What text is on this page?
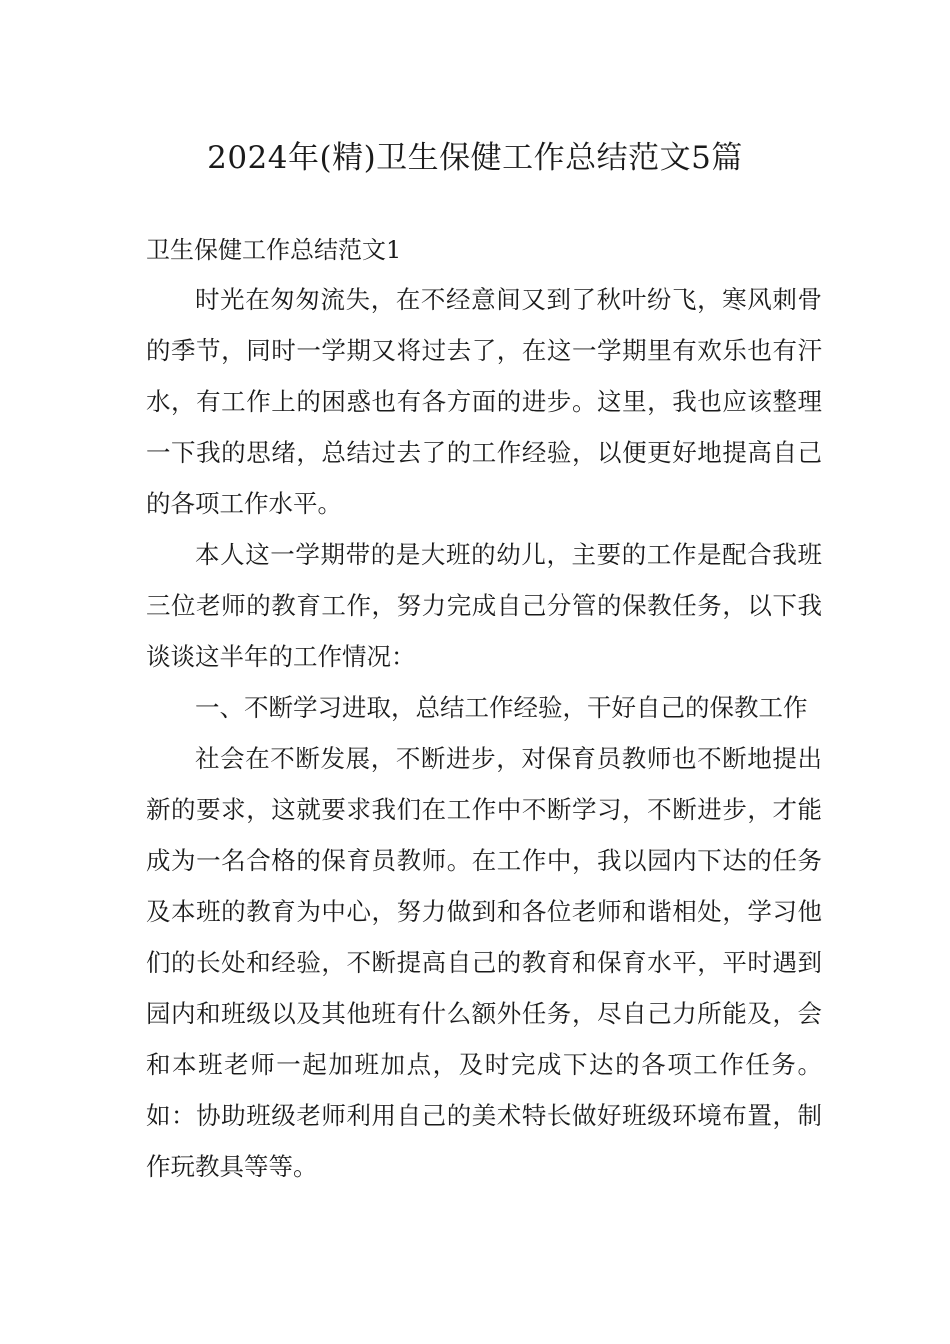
2024年(精)卫生保健工作总结范文5篇
卫生保健工作总结范文1

时光在匆匆流失，在不经意间又到了秋叶纷飞，寒风刺骨的季节，同时一学期又将过去了，在这一学期里有欢乐也有汗水，有工作上的困惑也有各方面的进步。这里，我也应该整理一下我的思绪，总结过去了的工作经验，以便更好地提高自己的各项工作水平。

本人这一学期带的是大班的幼儿，主要的工作是配合我班三位老师的教育工作，努力完成自己分管的保教任务，以下我谈谈这半年的工作情况：

一、不断学习进取，总结工作经验，干好自己的保教工作

社会在不断发展，不断进步，对保育员教师也不断地提出新的要求，这就要求我们在工作中不断学习，不断进步，才能成为一名合格的保育员教师。在工作中，我以园内下达的任务及本班的教育为中心，努力做到和各位老师和谐相处，学习他们的长处和经验，不断提高自己的教育和保育水平，平时遇到园内和班级以及其他班有什么额外任务，尽自己力所能及，会和本班老师一起加班加点，及时完成下达的各项工作任务。如：协助班级老师利用自己的美术特长做好班级环境布置，制作玩教具等等。
